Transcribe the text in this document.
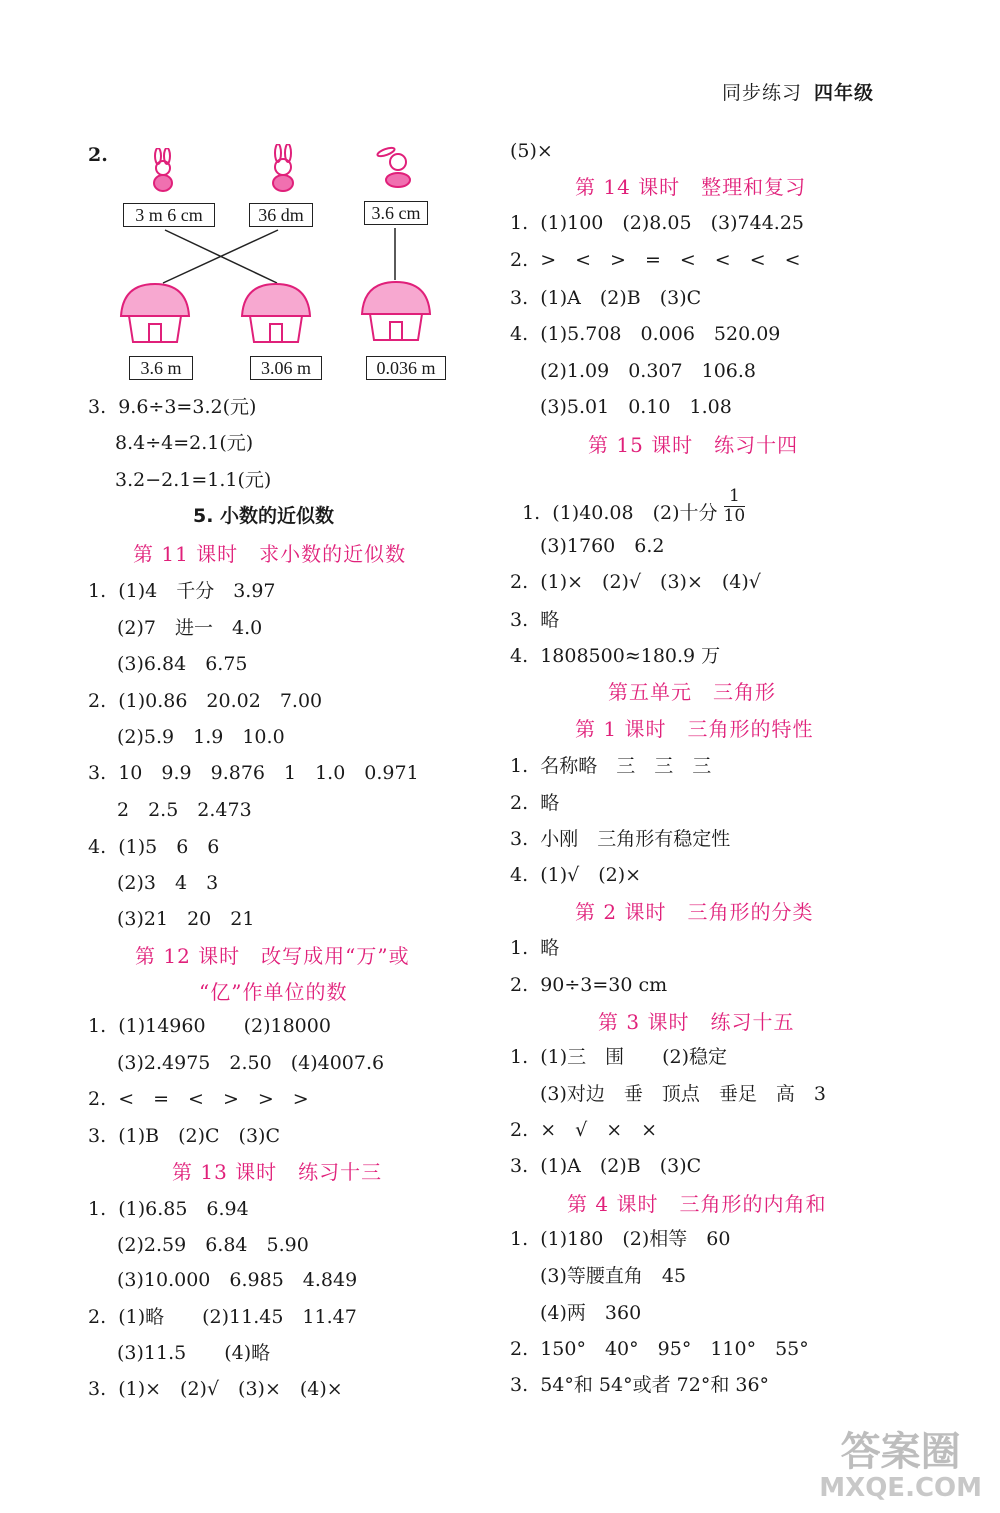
同步练习 四年级
2.
3 m 6 cm	36 dm	3.6 cm
3.6 m	3.06 m	0.036 m
3.  9.6÷3=3.2(元)
8.4÷4=2.1(元)
3.2−2.1=1.1(元)
5. 小数的近似数
第 11 课时　求小数的近似数
1.  (1)4　千分　3.97
(2)7　进一　4.0
(3)6.84　6.75
2.  (1)0.86　20.02　7.00
(2)5.9　1.9　10.0
3.  10　9.9　9.876　1　1.0　0.971
2　2.5　2.473
4.  (1)5　6　6
(2)3　4　3
(3)21　20　21
第 12 课时　改写成用“万”或
“亿”作单位的数
1.  (1)14960　　(2)18000
(3)2.4975　2.50　(4)4007.6
2.  <　=　<　>　>　>
3.  (1)B　(2)C　(3)C
第 13 课时　练习十三
1.  (1)6.85　6.94
(2)2.59　6.84　5.90
(3)10.000　6.985　4.849
2.  (1)略　　(2)11.45　11.47
(3)11.5　　(4)略
3.  (1)×　(2)√　(3)×　(4)×
(5)×
第 14 课时　整理和复习
1.  (1)100　(2)8.05　(3)744.25
2.  >　<　>　=　<　<　<　<
3.  (1)A　(2)B　(3)C
4.  (1)5.708　0.006　520.09
(2)1.09　0.307　106.8
(3)5.01　0.10　1.08
第 15 课时　练习十四

1.  (1)40.08　(2)十分 $\frac{1}{10}$

(3)1760　6.2
2.  (1)×　(2)√　(3)×　(4)√
3.  略
4.  1808500≈180.9 万
第五单元　三角形
第 1 课时　三角形的特性
1.  名称略　三　三　三
2.  略
3.  小刚　三角形有稳定性
4.  (1)√　(2)×
第 2 课时　三角形的分类
1.  略
2.  90÷3=30 cm
第 3 课时　练习十五
1.  (1)三　围　　(2)稳定
(3)对边　垂　顶点　垂足　高　3
2.  ×　√　×　×
3.  (1)A　(2)B　(3)C
第 4 课时　三角形的内角和
1.  (1)180　(2)相等　60
(3)等腰直角　45
(4)两　360
2.  150°　40°　95°　110°　55°
3.  54°和 54°或者 72°和 36°
答案圈
MXQE.COM
